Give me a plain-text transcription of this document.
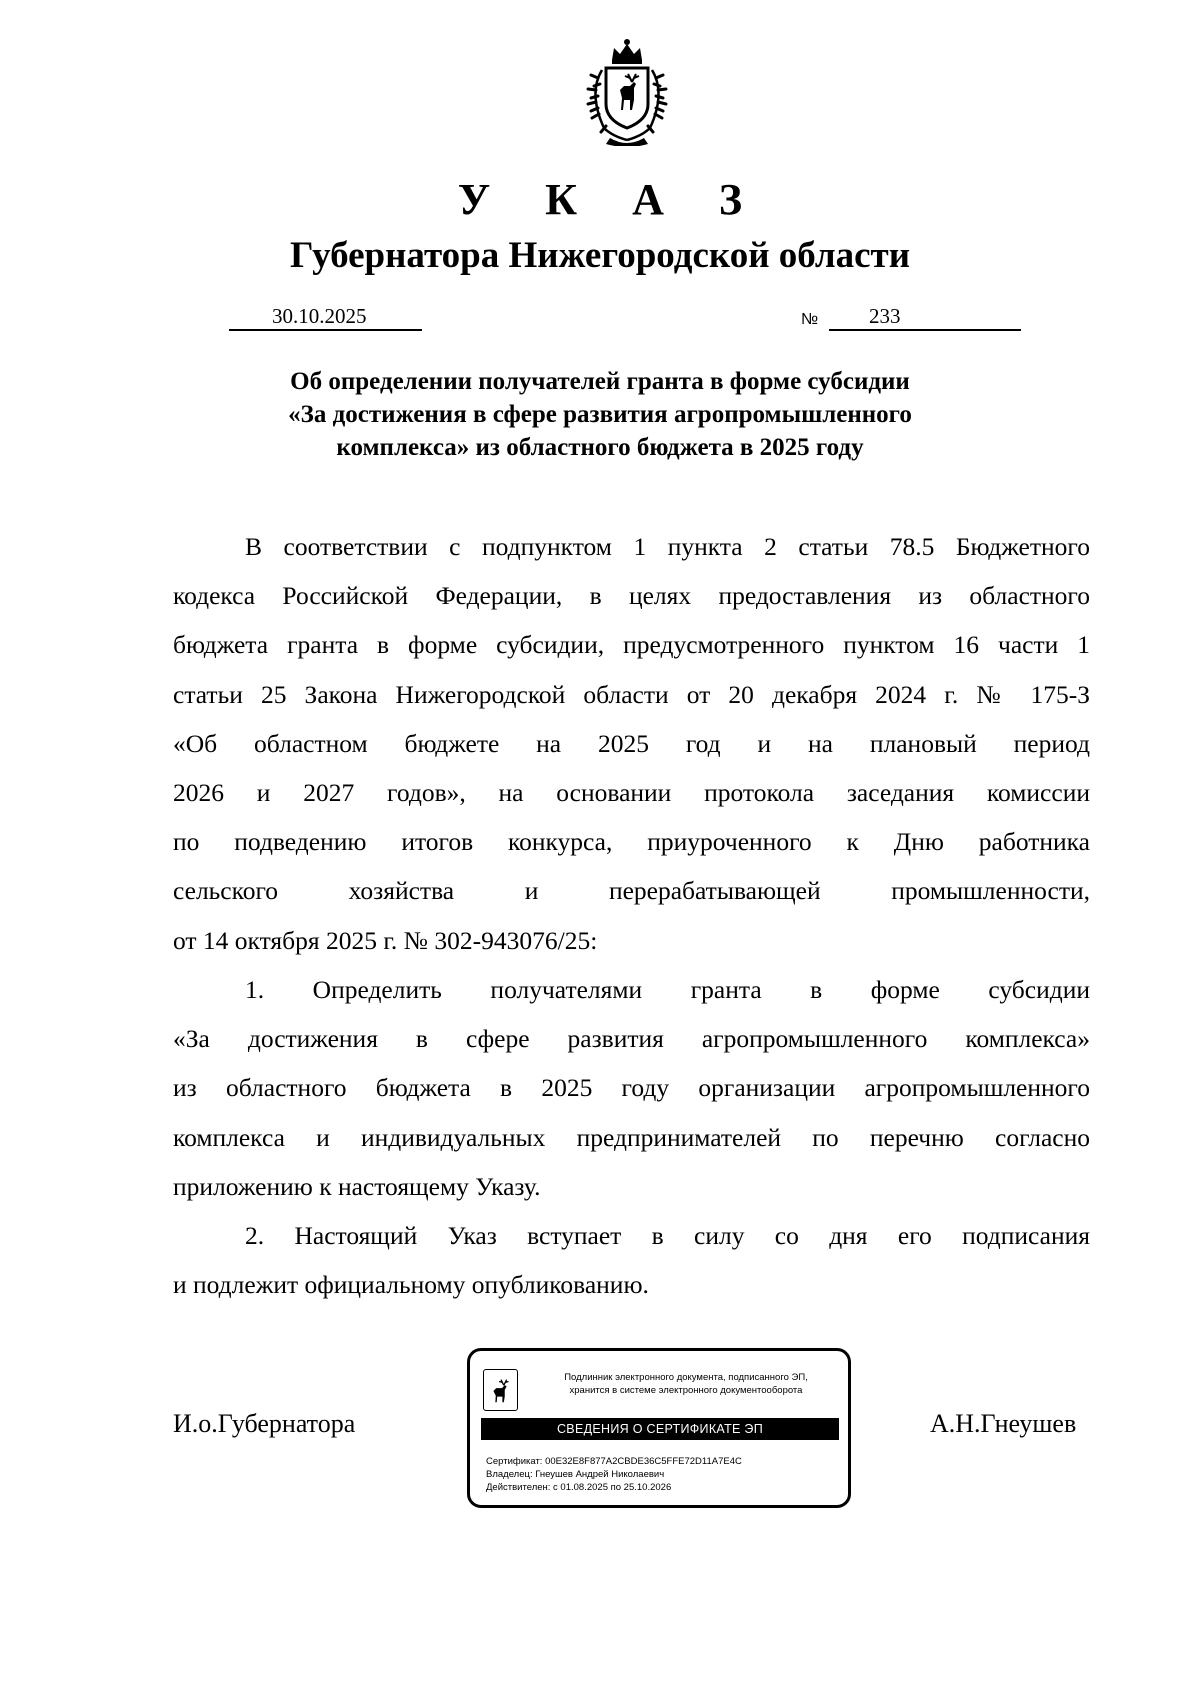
У К А З
Губернатора Нижегородской области
30.10.2025	№ 233
Об определении получателей гранта в форме субсидии
«За достижения в сфере развития агропромышленного
комплекса» из областного бюджета в 2025 году
В соответствии с подпунктом 1 пункта 2 статьи 78.5 Бюджетного
кодекса Российской Федерации, в целях предоставления из областного
бюджета гранта в форме субсидии, предусмотренного пунктом 16 части 1
статьи 25 Закона Нижегородской области от 20 декабря 2024 г. № 175-З
«Об областном бюджете на 2025 год и на плановый период
2026 и 2027 годов», на основании протокола заседания комиссии
по подведению итогов конкурса, приуроченного к Дню работника
сельского хозяйства и перерабатывающей промышленности,
от 14 октября 2025 г. № 302-943076/25:
1. Определить получателями гранта в форме субсидии
«За достижения в сфере развития агропромышленного комплекса»
из областного бюджета в 2025 году организации агропромышленного
комплекса и индивидуальных предпринимателей по перечню согласно
приложению к настоящему Указу.
2. Настоящий Указ вступает в силу со дня его подписания
и подлежит официальному опубликованию.
И.о.Губернатора	А.Н.Гнеушев
Подлинник электронного документа, подписанного ЭП,
хранится в системе электронного документооборота
СВЕДЕНИЯ О СЕРТИФИКАТЕ ЭП
Сертификат: 00E32E8F877A2CBDE36C5FFE72D11A7E4C
Владелец: Гнеушев Андрей Николаевич
Действителен: с 01.08.2025 по 25.10.2026
